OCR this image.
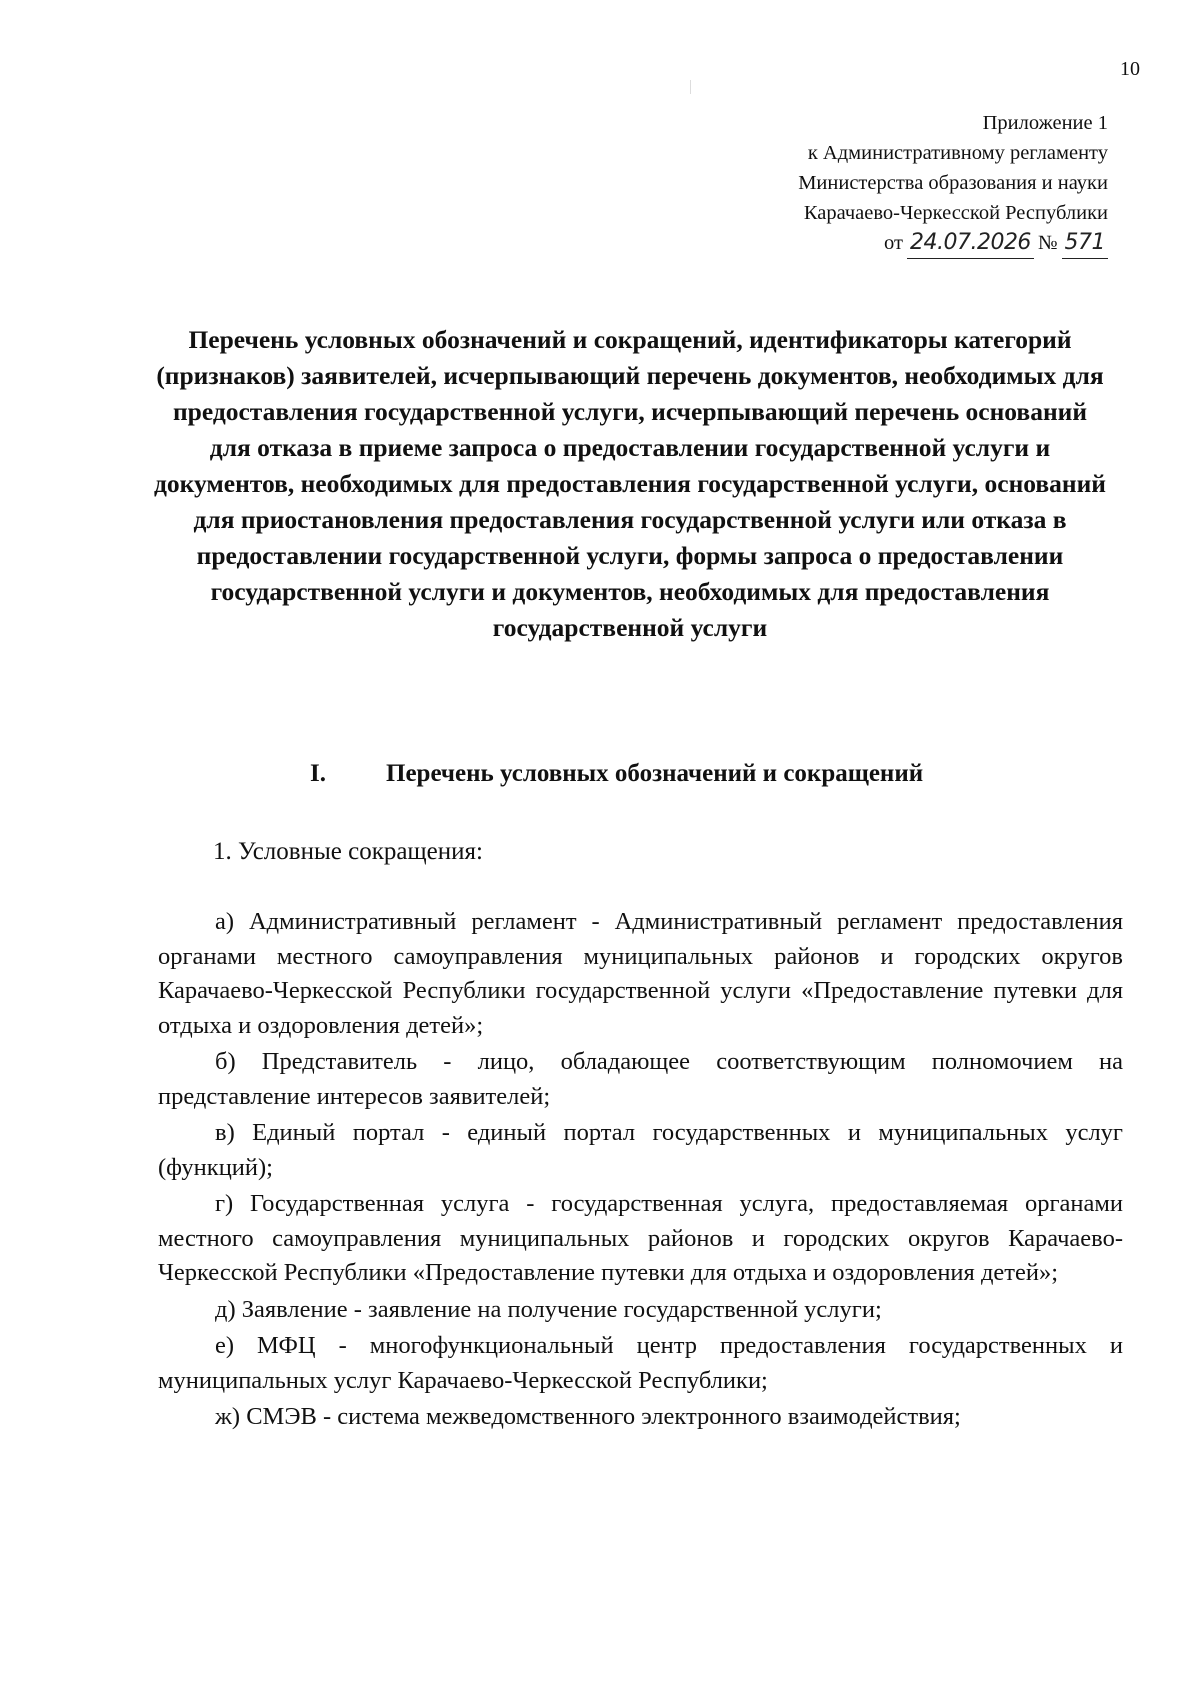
10
Приложение 1
к Административному регламенту
Министерства образования и науки
Карачаево-Черкесской Республики
от 24.07.2026 № 571
Перечень условных обозначений и сокращений, идентификаторы категорий (признаков) заявителей, исчерпывающий перечень документов, необходимых для предоставления государственной услуги, исчерпывающий перечень оснований для отказа в приеме запроса о предоставлении государственной услуги и документов, необходимых для предоставления государственной услуги, оснований для приостановления предоставления государственной услуги или отказа в предоставлении государственной услуги, формы запроса о предоставлении государственной услуги и документов, необходимых для предоставления государственной услуги
I.	Перечень условных обозначений и сокращений
1. Условные сокращения:

а) Административный регламент - Административный регламент предоставления органами местного самоуправления муниципальных районов и городских округов Карачаево-Черкесской Республики государственной услуги «Предоставление путевки для отдыха и оздоровления детей»;

б) Представитель - лицо, обладающее соответствующим полномочием на представление интересов заявителей;

в) Единый портал - единый портал государственных и муниципальных услуг (функций);

г) Государственная услуга - государственная услуга, предоставляемая органами местного самоуправления муниципальных районов и городских округов Карачаево-Черкесской Республики «Предоставление путевки для отдыха и оздоровления детей»;

д) Заявление - заявление на получение государственной услуги;

е) МФЦ - многофункциональный центр предоставления государственных и муниципальных услуг Карачаево-Черкесской Республики;

ж) СМЭВ - система межведомственного электронного взаимодействия;
